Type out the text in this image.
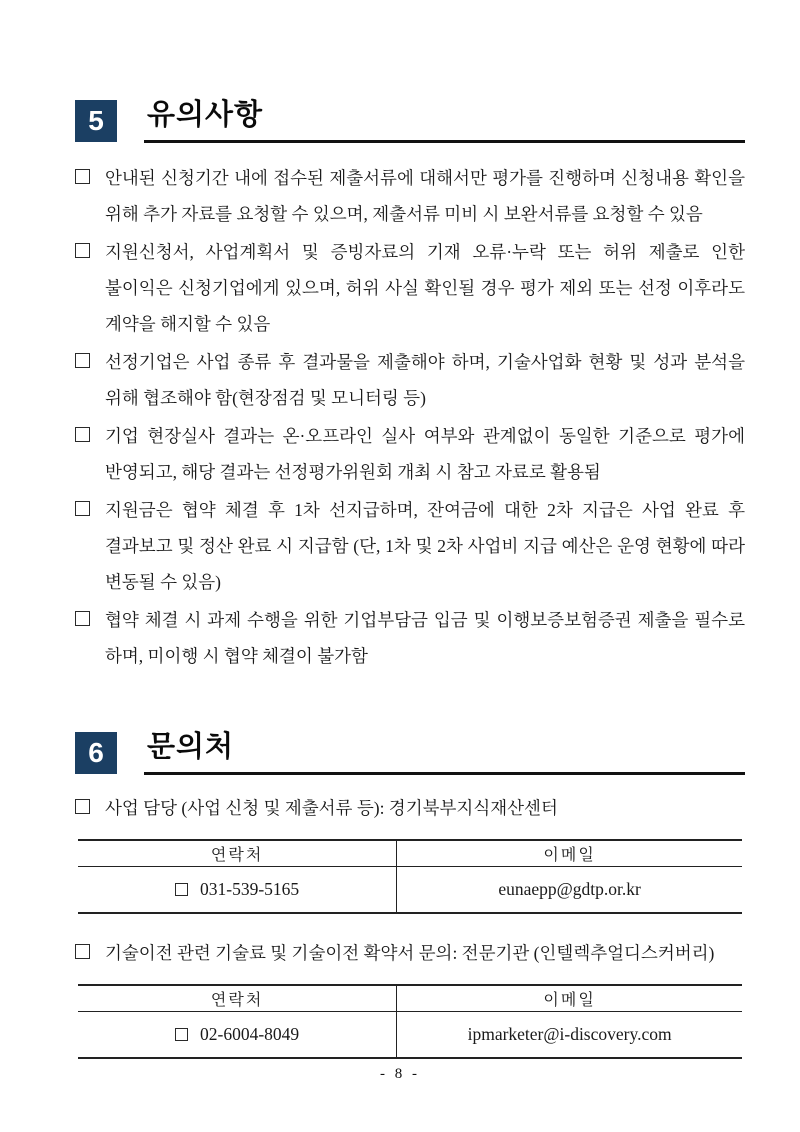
5 유의사항
안내된 신청기간 내에 접수된 제출서류에 대해서만 평가를 진행하며 신청내용 확인을 위해 추가 자료를 요청할 수 있으며, 제출서류 미비 시 보완서류를 요청할 수 있음
지원신청서, 사업계획서 및 증빙자료의 기재 오류·누락 또는 허위 제출로 인한 불이익은 신청기업에게 있으며, 허위 사실 확인될 경우 평가 제외 또는 선정 이후라도 계약을 해지할 수 있음
선정기업은 사업 종류 후 결과물을 제출해야 하며, 기술사업화 현황 및 성과 분석을 위해 협조해야 함(현장점검 및 모니터링 등)
기업 현장실사 결과는 온·오프라인 실사 여부와 관계없이 동일한 기준으로 평가에 반영되고, 해당 결과는 선정평가위원회 개최 시 참고 자료로 활용됨
지원금은 협약 체결 후 1차 선지급하며, 잔여금에 대한 2차 지급은 사업 완료 후 결과보고 및 정산 완료 시 지급함 (단, 1차 및 2차 사업비 지급 예산은 운영 현황에 따라 변동될 수 있음)
협약 체결 시 과제 수행을 위한 기업부담금 입금 및 이행보증보험증권 제출을 필수로 하며, 미이행 시 협약 체결이 불가함
6 문의처
사업 담당 (사업 신청 및 제출서류 등): 경기북부지식재산센터
연락처	이메일
031-539-5165	eunaepp@gdtp.or.kr
기술이전 관련 기술료 및 기술이전 확약서 문의: 전문기관 (인텔렉추얼디스커버리)
연락처	이메일
02-6004-8049	ipmarketer@i-discovery.com
- 8 -
